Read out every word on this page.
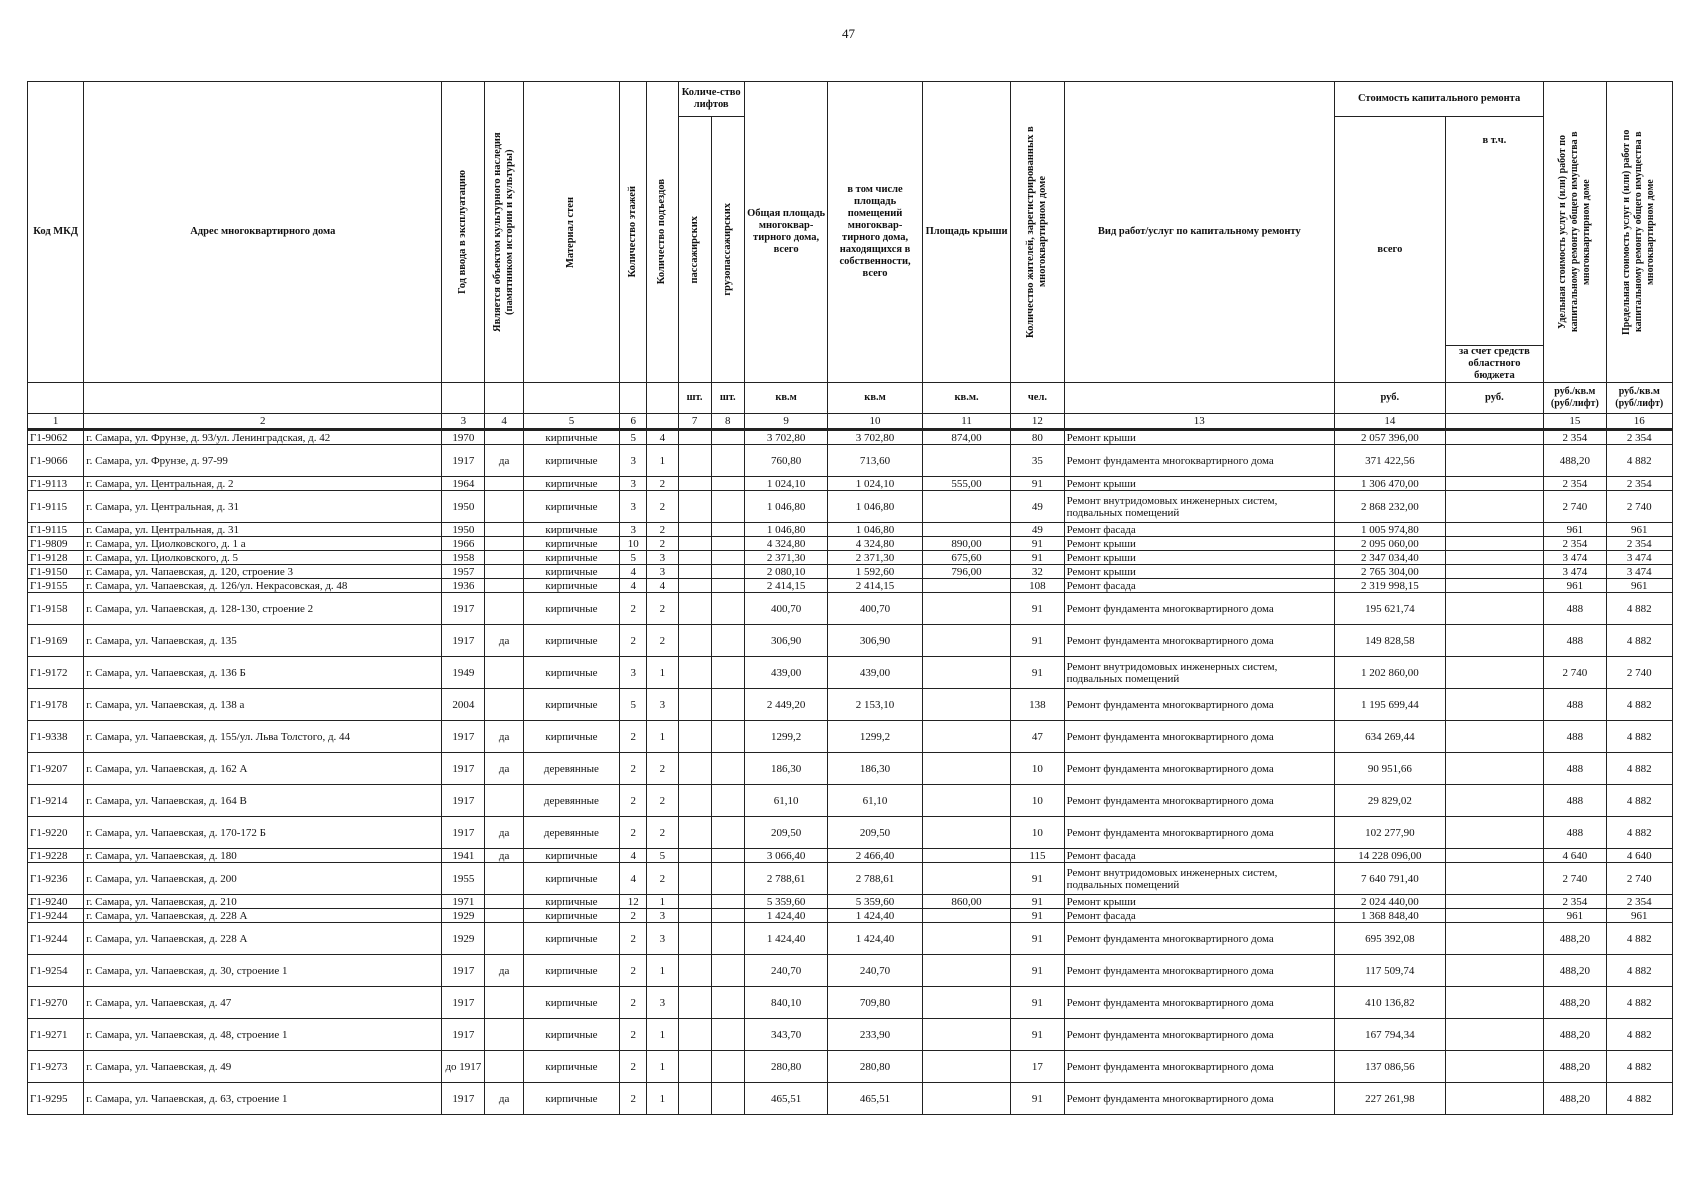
47
Код МКД	Адрес многоквартирного дома	Год ввода в эксплуатацию	Является объектом культурного наследия (памятником истории и культуры)	Материал стен	Количество этажей	Количество подъездов	Количе-ство лифтов		Общая площадь многоквар-тирного дома, всего	в том числе площадь помещений многоквар-тирного дома, находящихся в собственности, всего	Площадь крыши	Количество жителей, зарегистрированных в многоквартирном доме	Вид работ/услуг по капитальному ремонту	Стоимость капитального ремонта		Удельная стоимость услуг и (или) работ по капитальному ремонту общего имущества в многоквартирном доме	Предельная стоимость услуг и (или) работ по капитальному ремонту общего имущества в многоквартирном доме

							пассажирских	грузопассажирских						всего	в т.ч.		
															за счет средств областного бюджета		
							шт.	шт.	кв.м	кв.м	кв.м.	чел.		руб.	руб.	руб./кв.м (руб/лифт)	руб./кв.м (руб/лифт)
1	2	3	4	5	6		7	8	9	10	11	12	13	14		15	16
Г1-9062	г. Самара, ул. Фрунзе, д. 93/ул. Ленинградская, д. 42	1970		кирпичные	5	4			3 702,80	3 702,80	874,00	80	Ремонт крыши	2 057 396,00		2 354	2 354
Г1-9066	г. Самара, ул. Фрунзе, д. 97-99	1917	да	кирпичные	3	1			760,80	713,60		35	Ремонт фундамента многоквартирного дома	371 422,56		488,20	4 882
Г1-9113	г. Самара, ул. Центральная, д. 2	1964		кирпичные	3	2			1 024,10	1 024,10	555,00	91	Ремонт крыши	1 306 470,00		2 354	2 354
Г1-9115	г. Самара, ул. Центральная, д. 31	1950		кирпичные	3	2			1 046,80	1 046,80		49	Ремонт внутридомовых инженерных систем, подвальных помещений	2 868 232,00		2 740	2 740
Г1-9115	г. Самара, ул. Центральная, д. 31	1950		кирпичные	3	2			1 046,80	1 046,80		49	Ремонт фасада	1 005 974,80		961	961
Г1-9809	г. Самара, ул. Циолковского, д. 1 а	1966		кирпичные	10	2			4 324,80	4 324,80	890,00	91	Ремонт крыши	2 095 060,00		2 354	2 354
Г1-9128	г. Самара, ул. Циолковского, д. 5	1958		кирпичные	5	3			2 371,30	2 371,30	675,60	91	Ремонт крыши	2 347 034,40		3 474	3 474
Г1-9150	г. Самара, ул. Чапаевская, д. 120, строение 3	1957		кирпичные	4	3			2 080,10	1 592,60	796,00	32	Ремонт крыши	2 765 304,00		3 474	3 474
Г1-9155	г. Самара, ул. Чапаевская, д. 126/ул. Некрасовская, д. 48	1936		кирпичные	4	4			2 414,15	2 414,15		108	Ремонт фасада	2 319 998,15		961	961
Г1-9158	г. Самара, ул. Чапаевская, д. 128-130, строение 2	1917		кирпичные	2	2			400,70	400,70		91	Ремонт фундамента многоквартирного дома	195 621,74		488	4 882
Г1-9169	г. Самара, ул. Чапаевская, д. 135	1917	да	кирпичные	2	2			306,90	306,90		91	Ремонт фундамента многоквартирного дома	149 828,58		488	4 882
Г1-9172	г. Самара, ул. Чапаевская, д. 136 Б	1949		кирпичные	3	1			439,00	439,00		91	Ремонт внутридомовых инженерных систем, подвальных помещений	1 202 860,00		2 740	2 740
Г1-9178	г. Самара, ул. Чапаевская, д. 138 а	2004		кирпичные	5	3			2 449,20	2 153,10		138	Ремонт фундамента многоквартирного дома	1 195 699,44		488	4 882
Г1-9338	г. Самара, ул. Чапаевская, д. 155/ул. Льва Толстого, д. 44	1917	да	кирпичные	2	1			1299,2	1299,2		47	Ремонт фундамента многоквартирного дома	634 269,44		488	4 882
Г1-9207	г. Самара, ул. Чапаевская, д. 162 А	1917	да	деревянные	2	2			186,30	186,30		10	Ремонт фундамента многоквартирного дома	90 951,66		488	4 882
Г1-9214	г. Самара, ул. Чапаевская, д. 164 В	1917		деревянные	2	2			61,10	61,10		10	Ремонт фундамента многоквартирного дома	29 829,02		488	4 882
Г1-9220	г. Самара, ул. Чапаевская, д. 170-172 Б	1917	да	деревянные	2	2			209,50	209,50		10	Ремонт фундамента многоквартирного дома	102 277,90		488	4 882
Г1-9228	г. Самара, ул. Чапаевская, д. 180	1941	да	кирпичные	4	5			3 066,40	2 466,40		115	Ремонт фасада	14 228 096,00		4 640	4 640
Г1-9236	г. Самара, ул. Чапаевская, д. 200	1955		кирпичные	4	2			2 788,61	2 788,61		91	Ремонт внутридомовых инженерных систем, подвальных помещений	7 640 791,40		2 740	2 740
Г1-9240	г. Самара, ул. Чапаевская, д. 210	1971		кирпичные	12	1			5 359,60	5 359,60	860,00	91	Ремонт крыши	2 024 440,00		2 354	2 354
Г1-9244	г. Самара, ул. Чапаевская, д. 228 А	1929		кирпичные	2	3			1 424,40	1 424,40		91	Ремонт фасада	1 368 848,40		961	961
Г1-9244	г. Самара, ул. Чапаевская, д. 228 А	1929		кирпичные	2	3			1 424,40	1 424,40		91	Ремонт фундамента многоквартирного дома	695 392,08		488,20	4 882
Г1-9254	г. Самара, ул. Чапаевская, д. 30, строение 1	1917	да	кирпичные	2	1			240,70	240,70		91	Ремонт фундамента многоквартирного дома	117 509,74		488,20	4 882
Г1-9270	г. Самара, ул. Чапаевская, д. 47	1917		кирпичные	2	3			840,10	709,80		91	Ремонт фундамента многоквартирного дома	410 136,82		488,20	4 882
Г1-9271	г. Самара, ул. Чапаевская, д. 48, строение 1	1917		кирпичные	2	1			343,70	233,90		91	Ремонт фундамента многоквартирного дома	167 794,34		488,20	4 882
Г1-9273	г. Самара, ул. Чапаевская, д. 49	до 1917		кирпичные	2	1			280,80	280,80		17	Ремонт фундамента многоквартирного дома	137 086,56		488,20	4 882
Г1-9295	г. Самара, ул. Чапаевская, д. 63, строение 1	1917	да	кирпичные	2	1			465,51	465,51		91	Ремонт фундамента многоквартирного дома	227 261,98		488,20	4 882
